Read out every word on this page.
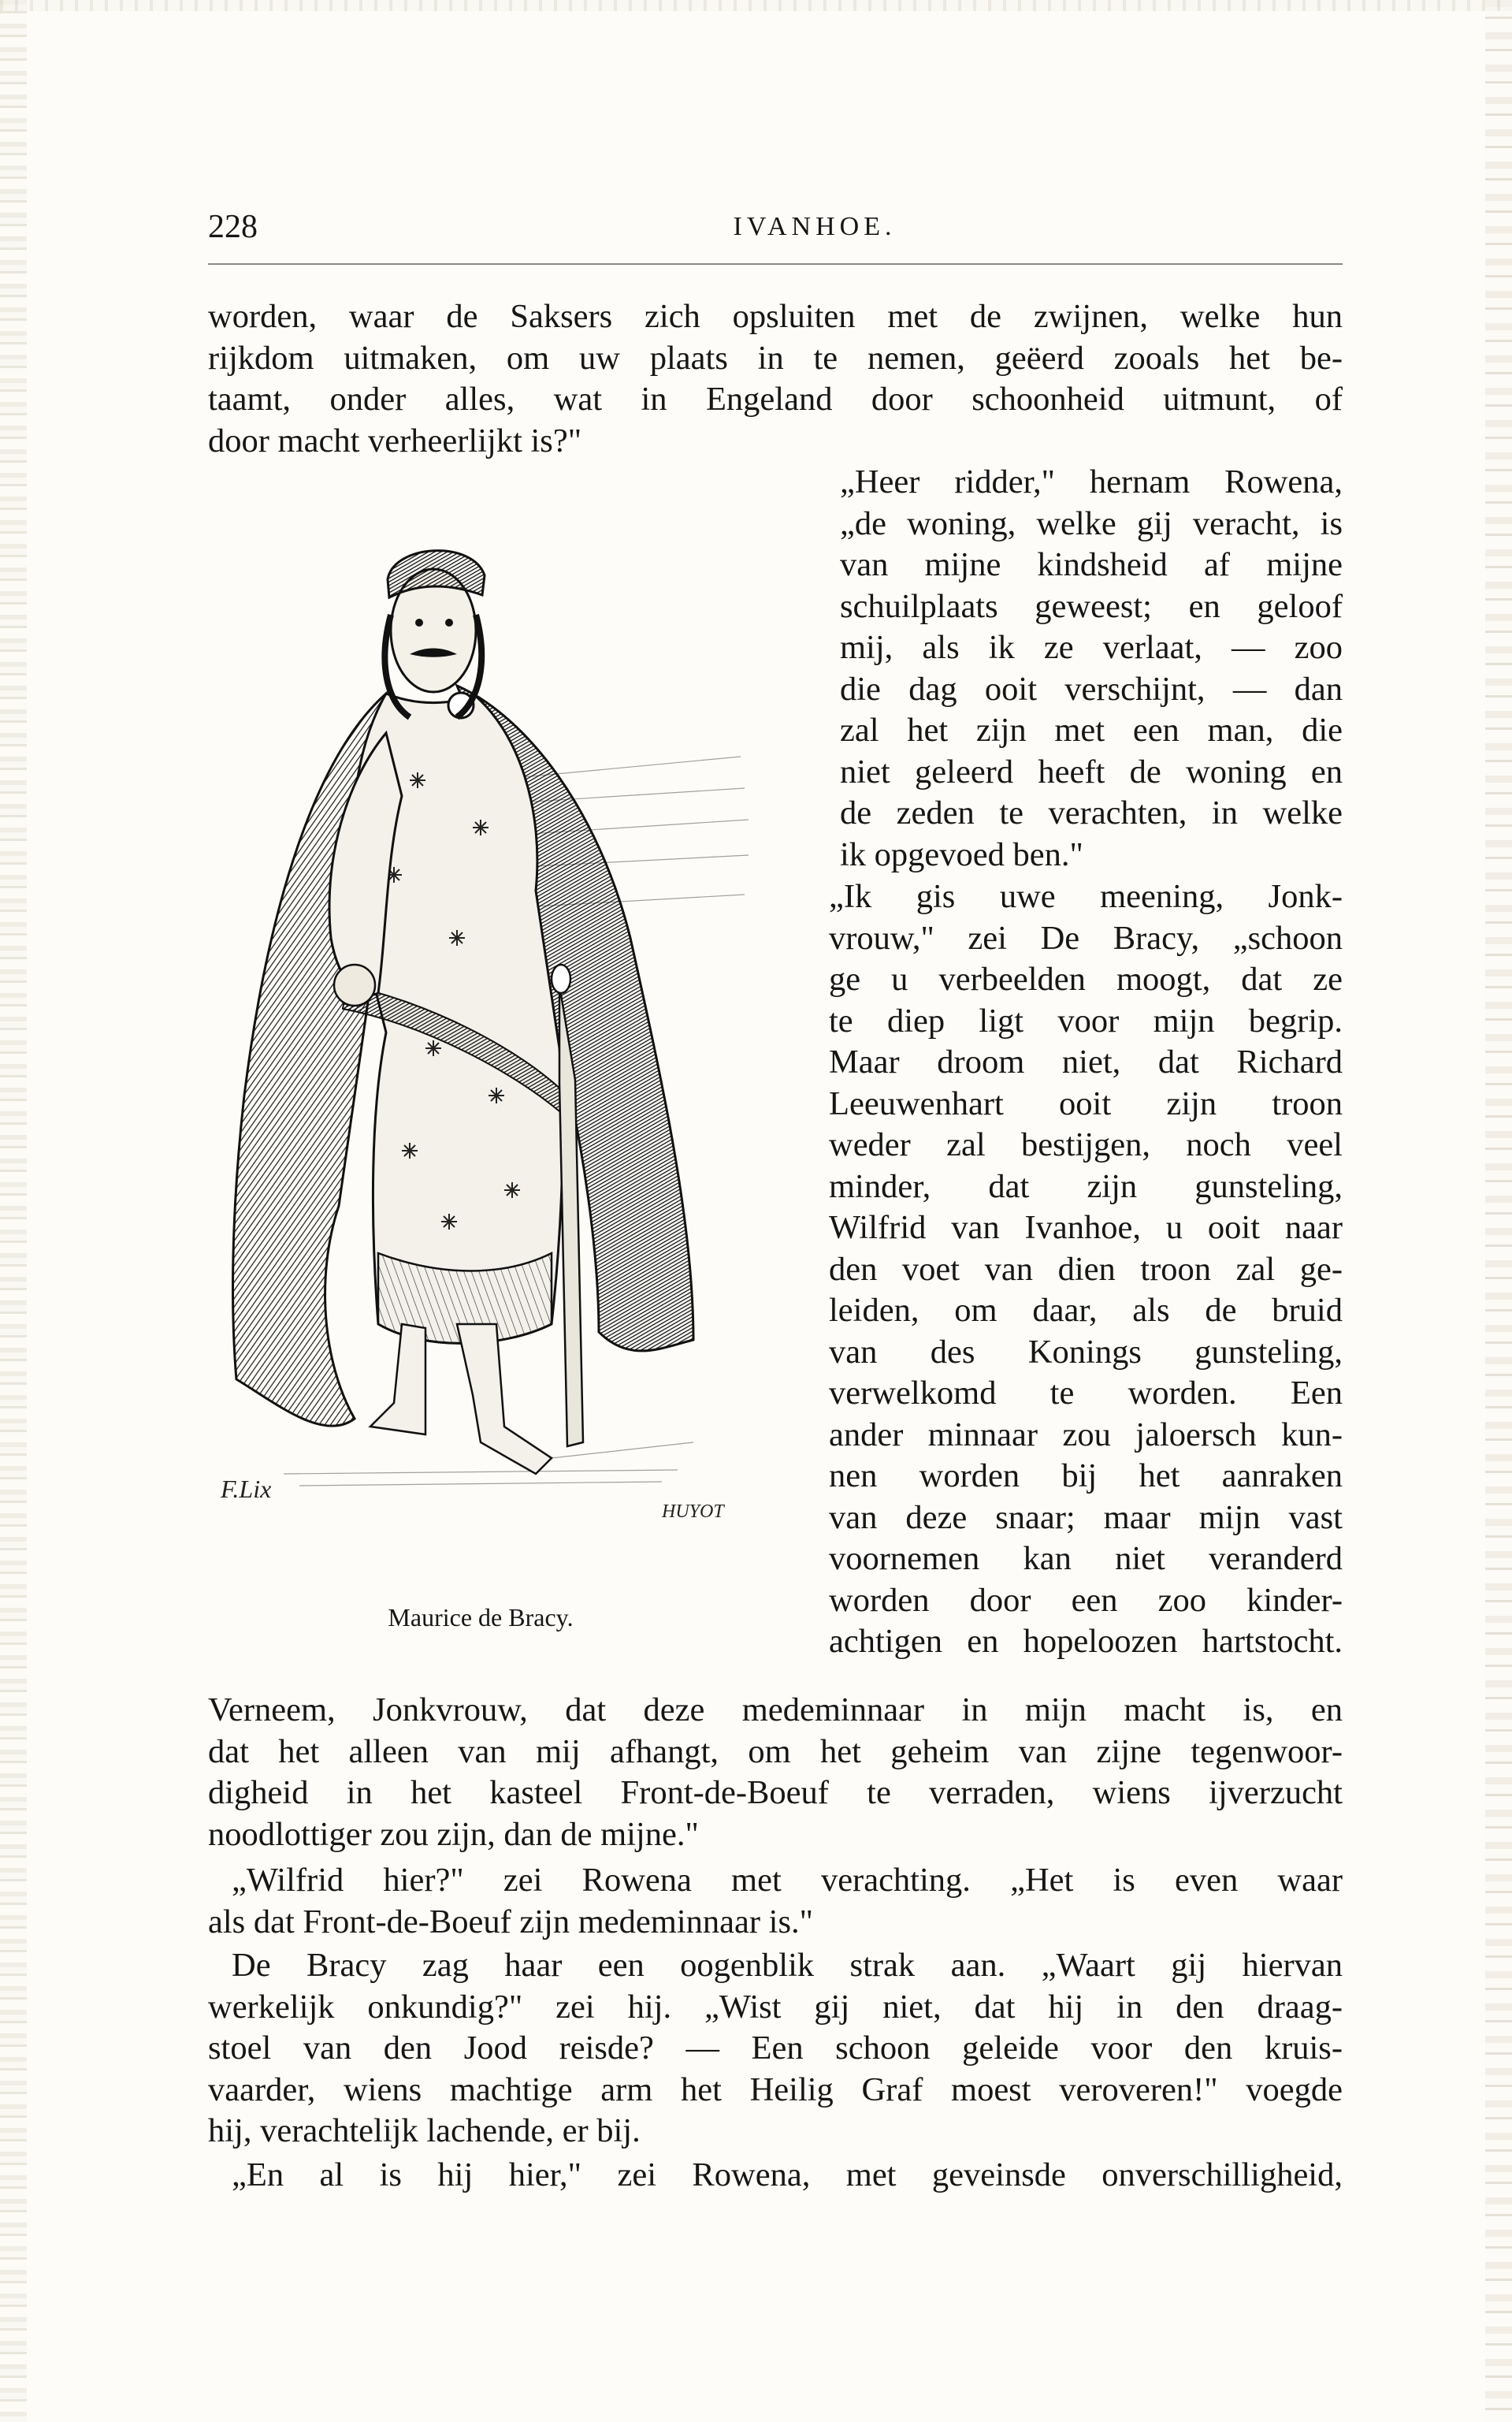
228	IVANHOE.

worden, waar de Saksers zich opsluiten met de zwijnen, welke hun
rijkdom uitmaken, om uw plaats in te nemen, geëerd zooals het be-
taamt, onder alles, wat in Engeland door schoonheid uitmunt, of
door macht verheerlijkt is?"

F.Lix
HUYOT
Maurice de Bracy.

„Heer ridder," hernam Rowena,
„de woning, welke gij veracht, is
van mijne kindsheid af mijne
schuilplaats geweest; en geloof
mij, als ik ze verlaat, — zoo
die dag ooit verschijnt, — dan
zal het zijn met een man, die
niet geleerd heeft de woning en
de zeden te verachten, in welke
ik opgevoed ben."

„Ik gis uwe meening, Jonk-
vrouw," zei De Bracy, „schoon
ge u verbeelden moogt, dat ze
te diep ligt voor mijn begrip.
Maar droom niet, dat Richard
Leeuwenhart ooit zijn troon
weder zal bestijgen, noch veel
minder, dat zijn gunsteling,
Wilfrid van Ivanhoe, u ooit naar
den voet van dien troon zal ge-
leiden, om daar, als de bruid
van des Konings gunsteling,
verwelkomd te worden. Een
ander minnaar zou jaloersch kun-
nen worden bij het aanraken
van deze snaar; maar mijn vast
voornemen kan niet veranderd
worden door een zoo kinder-
achtigen en hopeloozen hartstocht.

Verneem, Jonkvrouw, dat deze medeminnaar in mijn macht is, en
dat het alleen van mij afhangt, om het geheim van zijne tegenwoor-
digheid in het kasteel Front-de-Boeuf te verraden, wiens ijverzucht
noodlottiger zou zijn, dan de mijne."

„Wilfrid hier?" zei Rowena met verachting. „Het is even waar
als dat Front-de-Boeuf zijn medeminnaar is."

De Bracy zag haar een oogenblik strak aan. „Waart gij hiervan
werkelijk onkundig?" zei hij. „Wist gij niet, dat hij in den draag-
stoel van den Jood reisde? — Een schoon geleide voor den kruis-
vaarder, wiens machtige arm het Heilig Graf moest veroveren!" voegde
hij, verachtelijk lachende, er bij.

„En al is hij hier," zei Rowena, met geveinsde onverschilligheid,
